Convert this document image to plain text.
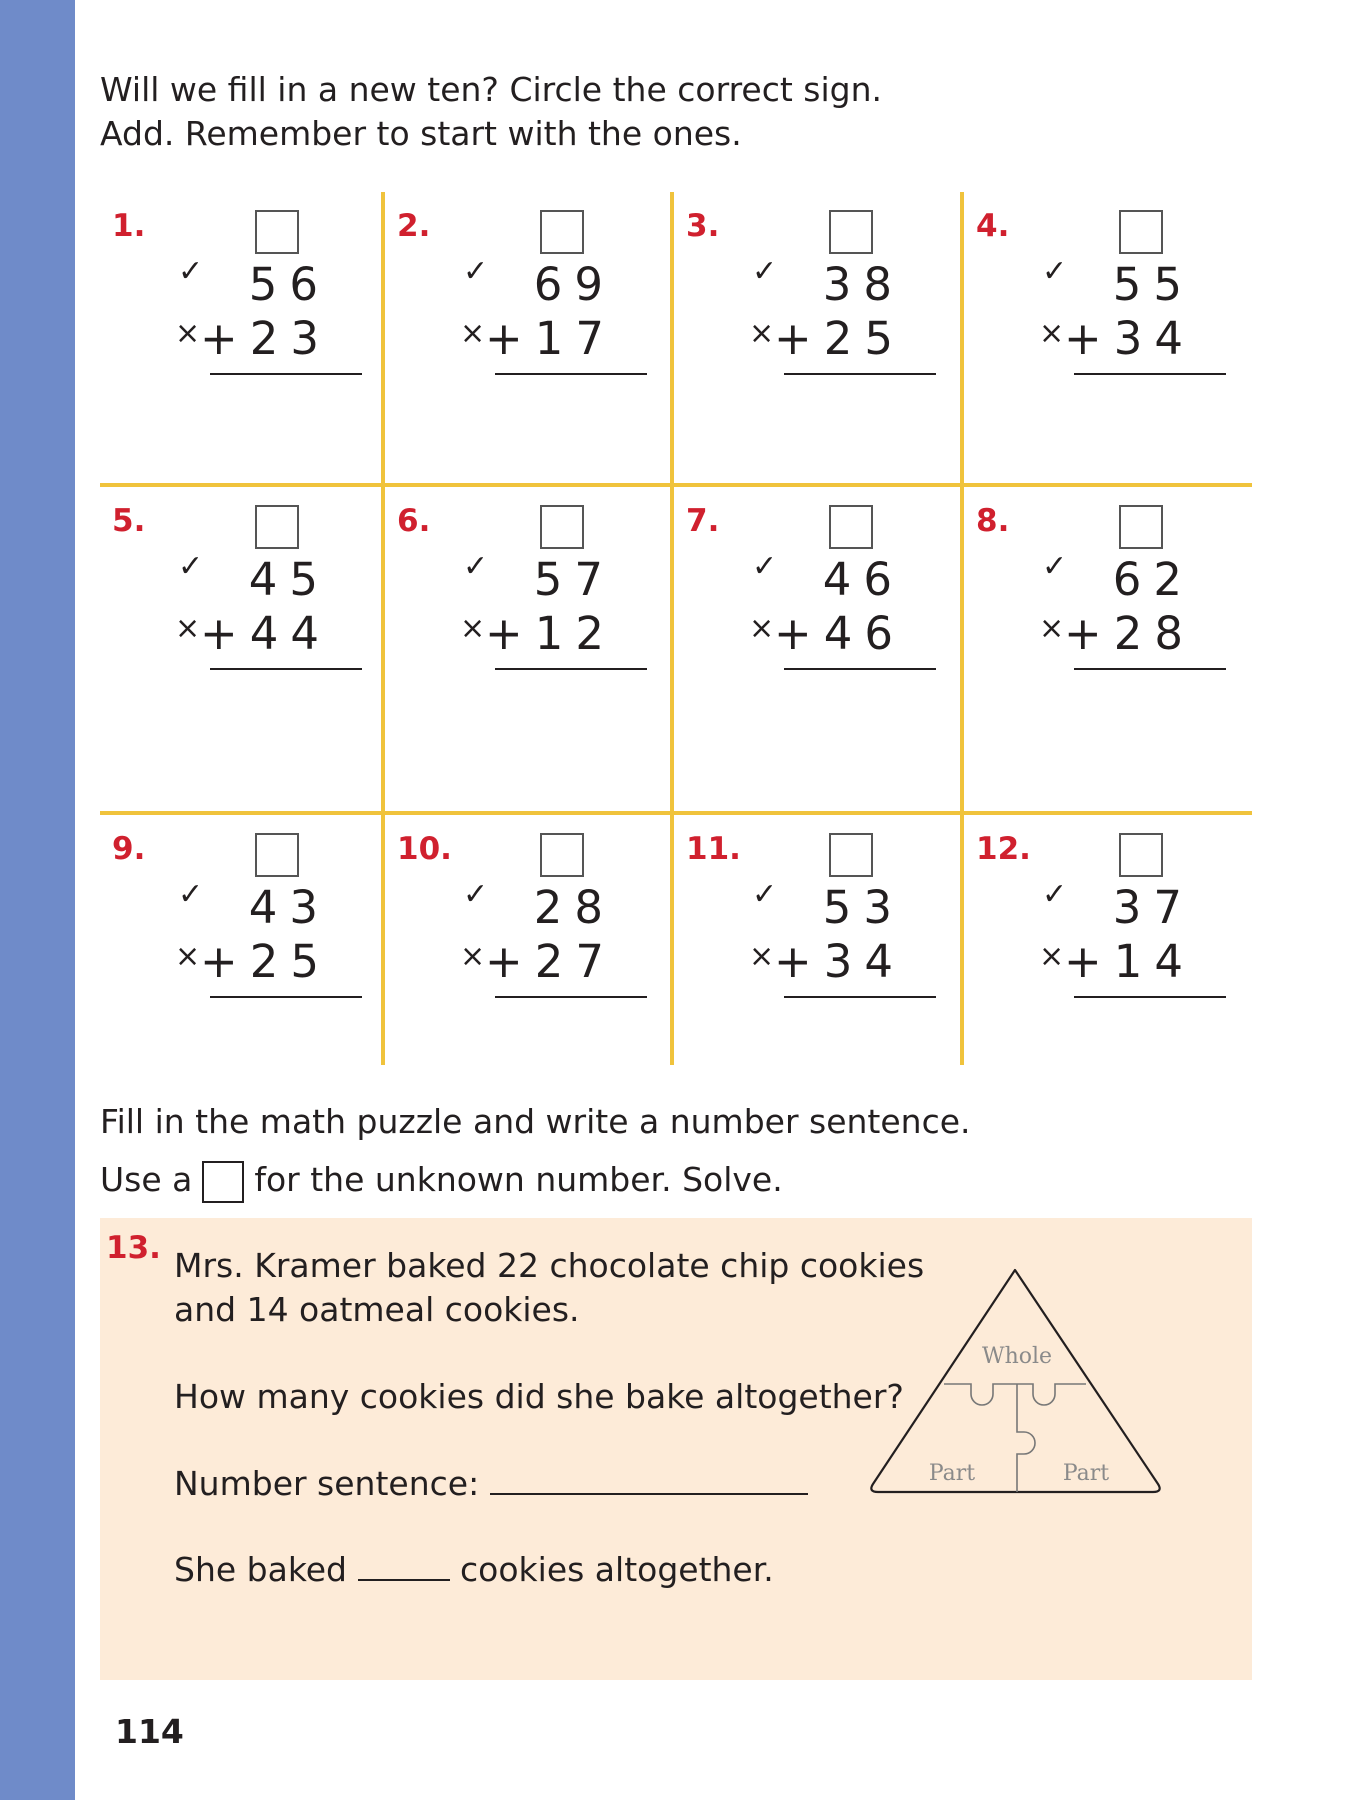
Will we fill in a new ten? Circle the correct sign.
Add. Remember to start with the ones.
1.
✓
×
56
+23
2.
✓
×
69
+17
3.
✓
×
38
+25
4.
✓
×
55
+34
5.
✓
×
45
+44
6.
✓
×
57
+12
7.
✓
×
46
+46
8.
✓
×
62
+28
9.
✓
×
43
+25
10.
✓
×
28
+27
11.
✓
×
53
+34
12.
✓
×
37
+14
Fill in the math puzzle and write a number sentence.
Use a for the unknown number. Solve.
13. Mrs. Kramer baked 22 chocolate chip cookies
and 14 oatmeal cookies.
How many cookies did she bake altogether?
Number sentence:
She baked	cookies altogether.
Whole
Part	Part
114
